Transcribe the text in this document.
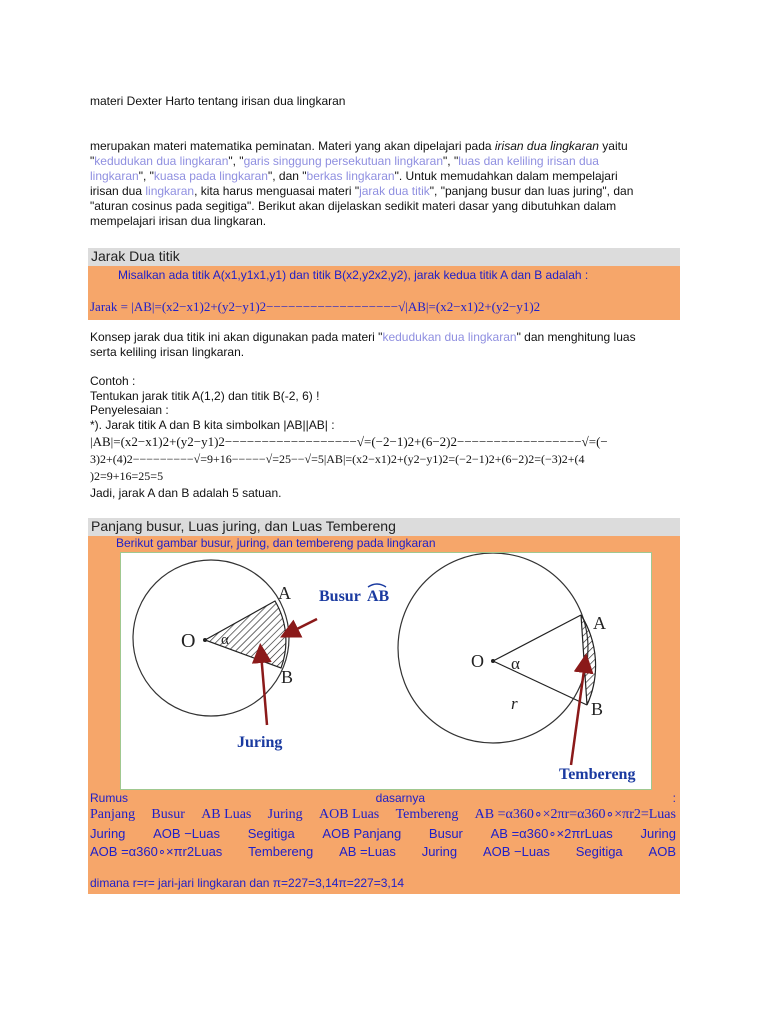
materi Dexter Harto tentang irisan dua lingkaran
merupakan materi matematika peminatan. Materi yang akan dipelajari pada irisan dua lingkaran yaitu
"kedudukan dua lingkaran", "garis singgung persekutuan lingkaran", "luas dan keliling irisan dua
lingkaran", "kuasa pada lingkaran", dan "berkas lingkaran". Untuk memudahkan dalam mempelajari
irisan dua lingkaran, kita harus menguasai materi "jarak dua titik", "panjang busur dan luas juring", dan
"aturan cosinus pada segitiga". Berikut akan dijelaskan sedikit materi dasar yang dibutuhkan dalam
mempelajari irisan dua lingkaran.
Jarak Dua titik
Misalkan ada titik A(x1,y1x1,y1) dan titik B(x2,y2x2,y2), jarak kedua titik A dan B adalah :
Jarak = |AB|=(x2−x1)2+(y2−y1)2−−−−−−−−−−−−−−−−−−√|AB|=(x2−x1)2+(y2−y1)2
Konsep jarak dua titik ini akan digunakan pada materi "kedudukan dua lingkaran" dan menghitung luas
serta keliling irisan lingkaran.
Contoh :
Tentukan jarak titik A(1,2) dan titik B(-2, 6) !
Penyelesaian :
*). Jarak titik A dan B kita simbolkan |AB||AB| :
|AB|=(x2−x1)2+(y2−y1)2−−−−−−−−−−−−−−−−−−√=(−2−1)2+(6−2)2−−−−−−−−−−−−−−−−−√=(−
3)2+(4)2−−−−−−−−−√=9+16−−−−−√=25−−√=5|AB|=(x2−x1)2+(y2−y1)2=(−2−1)2+(6−2)2=(−3)2+(4
)2=9+16=25=5
Jadi, jarak A dan B adalah 5 satuan.
Panjang busur, Luas juring, dan Luas Tembereng
Berikut gambar busur, juring, dan tembereng pada lingkaran
O α
A
B
Busur AB
Juring
O α
A
B
r
Tembereng
Rumus	dasarnya	:
Panjang Busur AB Luas Juring AOB Luas Tembereng AB =α360∘×2πr=α360∘×πr2=Luas
Juring AOB −Luas Segitiga AOB Panjang Busur AB =α360∘×2πrLuas Juring
AOB =α360∘×πr2Luas Tembereng AB =Luas Juring AOB −Luas Segitiga AOB
dimana r=r= jari-jari lingkaran dan π=227=3,14π=227=3,14
